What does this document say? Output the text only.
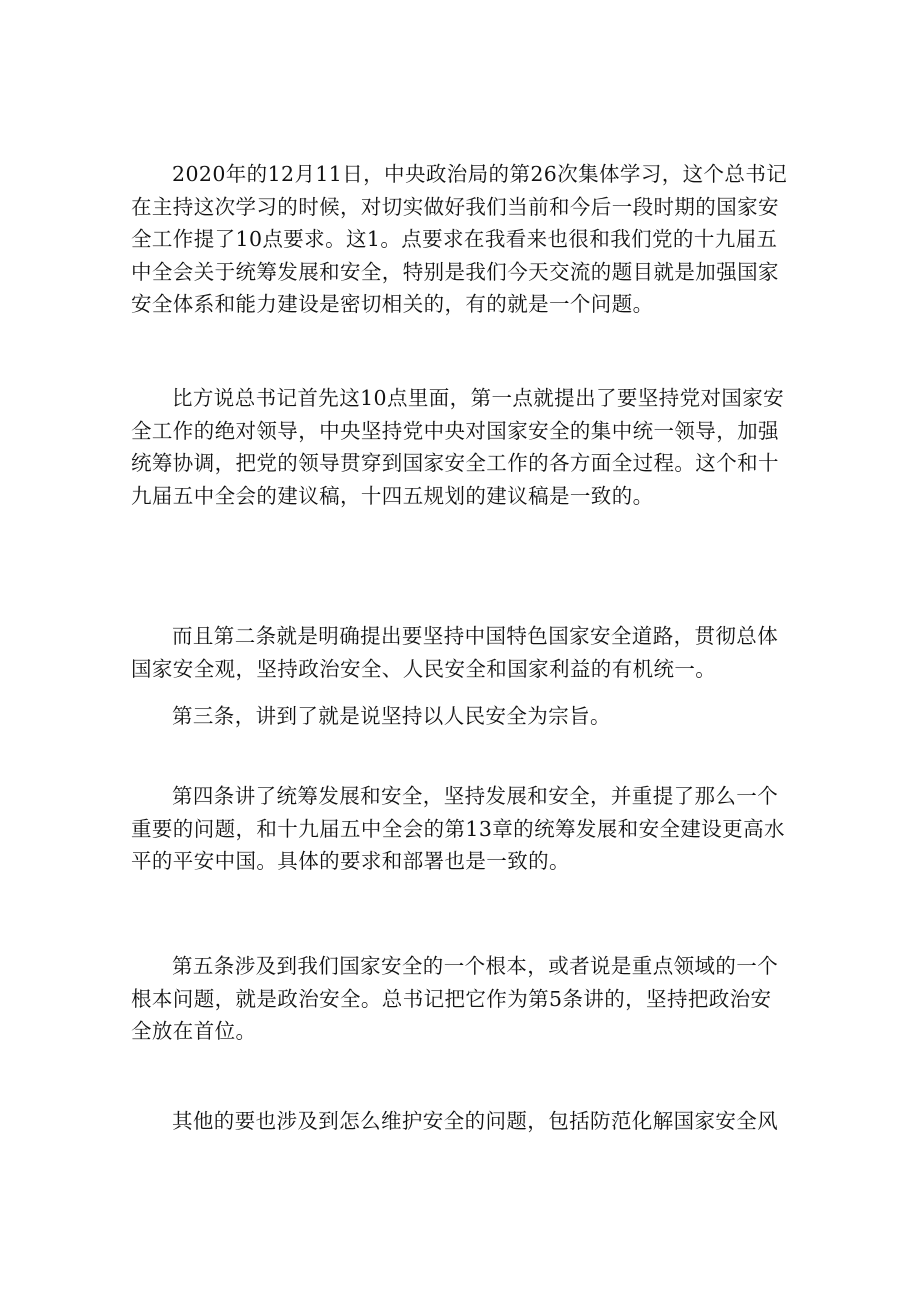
2020年的12月11日，中央政治局的第26次集体学习，这个总书记在主持这次学习的时候，对切实做好我们当前和今后一段时期的国家安全工作提了10点要求。这1。点要求在我看来也很和我们党的十九届五中全会关于统筹发展和安全，特别是我们今天交流的题目就是加强国家安全体系和能力建设是密切相关的，有的就是一个问题。

比方说总书记首先这10点里面，第一点就提出了要坚持党对国家安全工作的绝对领导，中央坚持党中央对国家安全的集中统一领导，加强统筹协调，把党的领导贯穿到国家安全工作的各方面全过程。这个和十九届五中全会的建议稿，十四五规划的建议稿是一致的。

而且第二条就是明确提出要坚持中国特色国家安全道路，贯彻总体国家安全观，坚持政治安全、人民安全和国家利益的有机统一。

第三条，讲到了就是说坚持以人民安全为宗旨。

第四条讲了统筹发展和安全，坚持发展和安全，并重提了那么一个重要的问题，和十九届五中全会的第13章的统筹发展和安全建设更高水平的平安中国。具体的要求和部署也是一致的。

第五条涉及到我们国家安全的一个根本，或者说是重点领域的一个根本问题，就是政治安全。总书记把它作为第5条讲的，坚持把政治安全放在首位。

其他的要也涉及到怎么维护安全的问题，包括防范化解国家安全风
